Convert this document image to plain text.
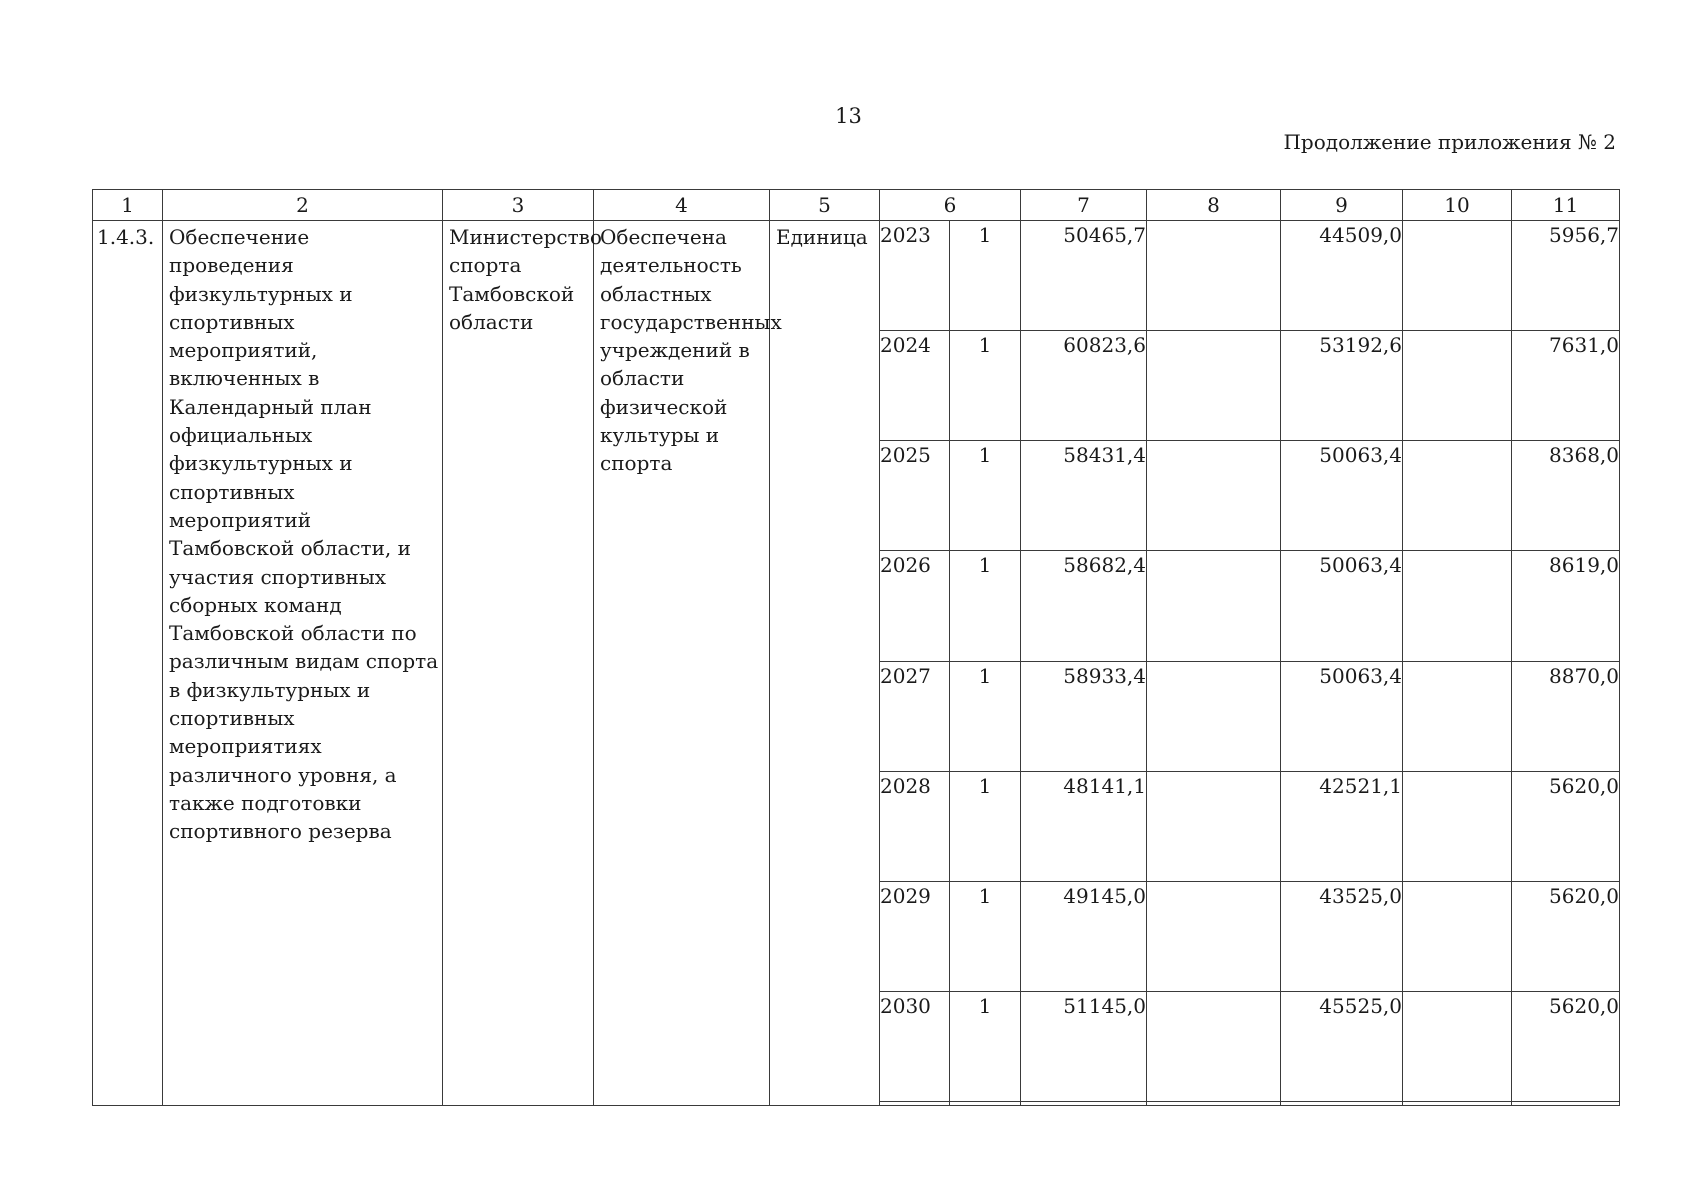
13
Продолжение приложения № 2
1	2	3	4	5	6		7	8	9	10	11

1.4.3.	Обеспечение проведения физкультурных и спортивных мероприятий, включенных в Календарный план официальных физкультурных и спортивных мероприятий Тамбовской области, и участия спортивных сборных команд Тамбовской области по различным видам спорта в физкультурных и спортивных мероприятиях различного уровня, а также подготовки спортивного резерва	Министерство спорта Тамбовской области	Обеспечена деятельность областных государственных учреждений в области физической культуры и спорта	Единица	2023	1	50465,7		44509,0		5956,7
					2024	1	60823,6		53192,6		7631,0
					2025	1	58431,4		50063,4		8368,0
					2026	1	58682,4		50063,4		8619,0
					2027	1	58933,4		50063,4		8870,0
					2028	1	48141,1		42521,1		5620,0
					2029	1	49145,0		43525,0		5620,0
					2030	1	51145,0		45525,0		5620,0
